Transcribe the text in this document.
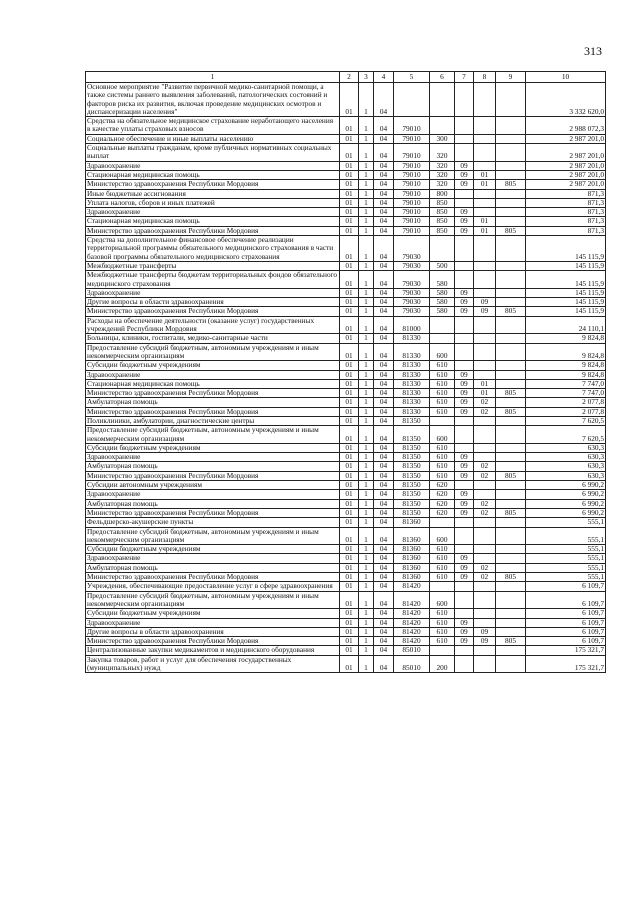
313
1	2	3	4	5	6	7	8	9	10
Основное мероприятие "Развитие первичной медико-санитарной помощи, а также системы раннего выявления заболеваний, патологических состояний и факторов риска их развития, включая проведение медицинских осмотров и диспансеризации населения"	01	1	04						3 332 620,0
Средства на обязательное медицинское страхование неработающего населения в качестве уплаты страховых взносов	01	1	04	79010					2 988 072,3
Социальное обеспечение и иные выплаты населению	01	1	04	79010	300				2 987 201,0
Социальные выплаты гражданам, кроме публичных нормативных социальных выплат	01	1	04	79010	320				2 987 201,0
Здравоохранение	01	1	04	79010	320	09			2 987 201,0
Стационарная медицинская помощь	01	1	04	79010	320	09	01		2 987 201,0
Министерство здравоохранения Республики Мордовия	01	1	04	79010	320	09	01	805	2 987 201,0
Иные бюджетные ассигнования	01	1	04	79010	800				871,3
Уплата налогов, сборов и иных платежей	01	1	04	79010	850				871,3
Здравоохранение	01	1	04	79010	850	09			871,3
Стационарная медицинская помощь	01	1	04	79010	850	09	01		871,3
Министерство здравоохранения Республики Мордовия	01	1	04	79010	850	09	01	805	871,3
Средства на дополнительное финансовое обеспечение реализации территориальной программы обязательного медицинского страхования в части базовой программы обязательного медицинского страхования	01	1	04	79030					145 115,9
Межбюджетные трансферты	01	1	04	79030	500				145 115,9
Межбюджетные трансферты бюджетам территориальных фондов обязательного медицинского страхования	01	1	04	79030	580				145 115,9
Здравоохранение	01	1	04	79030	580	09			145 115,9
Другие вопросы в области здравоохранения	01	1	04	79030	580	09	09		145 115,9
Министерство здравоохранения Республики Мордовия	01	1	04	79030	580	09	09	805	145 115,9
Расходы на обеспечение деятельности (оказание услуг) государственных учреждений Республики Мордовия	01	1	04	81000					24 110,1
Больницы, клиники, госпитали, медико-санитарные части	01	1	04	81330					9 824,8
Предоставление субсидий бюджетным, автономным учреждениям и иным некоммерческим организациям	01	1	04	81330	600				9 824,8
Субсидии бюджетным учреждениям	01	1	04	81330	610				9 824,8
Здравоохранение	01	1	04	81330	610	09			9 824,8
Стационарная медицинская помощь	01	1	04	81330	610	09	01		7 747,0
Министерство здравоохранения Республики Мордовия	01	1	04	81330	610	09	01	805	7 747,0
Амбулаторная помощь	01	1	04	81330	610	09	02		2 077,8
Министерство здравоохранения Республики Мордовия	01	1	04	81330	610	09	02	805	2 077,8
Поликлиники, амбулатории, диагностические центры	01	1	04	81350					7 620,5
Предоставление субсидий бюджетным, автономным учреждениям и иным некоммерческим организациям	01	1	04	81350	600				7 620,5
Субсидии бюджетным учреждениям	01	1	04	81350	610				630,3
Здравоохранение	01	1	04	81350	610	09			630,3
Амбулаторная помощь	01	1	04	81350	610	09	02		630,3
Министерство здравоохранения Республики Мордовия	01	1	04	81350	610	09	02	805	630,3
Субсидии автономным учреждениям	01	1	04	81350	620				6 990,2
Здравоохранение	01	1	04	81350	620	09			6 990,2
Амбулаторная помощь	01	1	04	81350	620	09	02		6 990,2
Министерство здравоохранения Республики Мордовия	01	1	04	81350	620	09	02	805	6 990,2
Фельдшерско-акушерские пункты	01	1	04	81360					555,1
Предоставление субсидий бюджетным, автономным учреждениям и иным некоммерческим организациям	01	1	04	81360	600				555,1
Субсидии бюджетным учреждениям	01	1	04	81360	610				555,1
Здравоохранение	01	1	04	81360	610	09			555,1
Амбулаторная помощь	01	1	04	81360	610	09	02		555,1
Министерство здравоохранения Республики Мордовия	01	1	04	81360	610	09	02	805	555,1
Учреждения, обеспечивающие предоставление услуг в сфере здравоохранения	01	1	04	81420					6 109,7
Предоставление субсидий бюджетным, автономным учреждениям и иным некоммерческим организациям	01	1	04	81420	600				6 109,7
Субсидии бюджетным учреждениям	01	1	04	81420	610				6 109,7
Здравоохранение	01	1	04	81420	610	09			6 109,7
Другие вопросы в области здравоохранения	01	1	04	81420	610	09	09		6 109,7
Министерство здравоохранения Республики Мордовия	01	1	04	81420	610	09	09	805	6 109,7
Централизованные закупки медикаментов и медицинского оборудования	01	1	04	85010					175 321,7
Закупка товаров, работ и услуг для обеспечения государственных (муниципальных) нужд	01	1	04	85010	200				175 321,7
